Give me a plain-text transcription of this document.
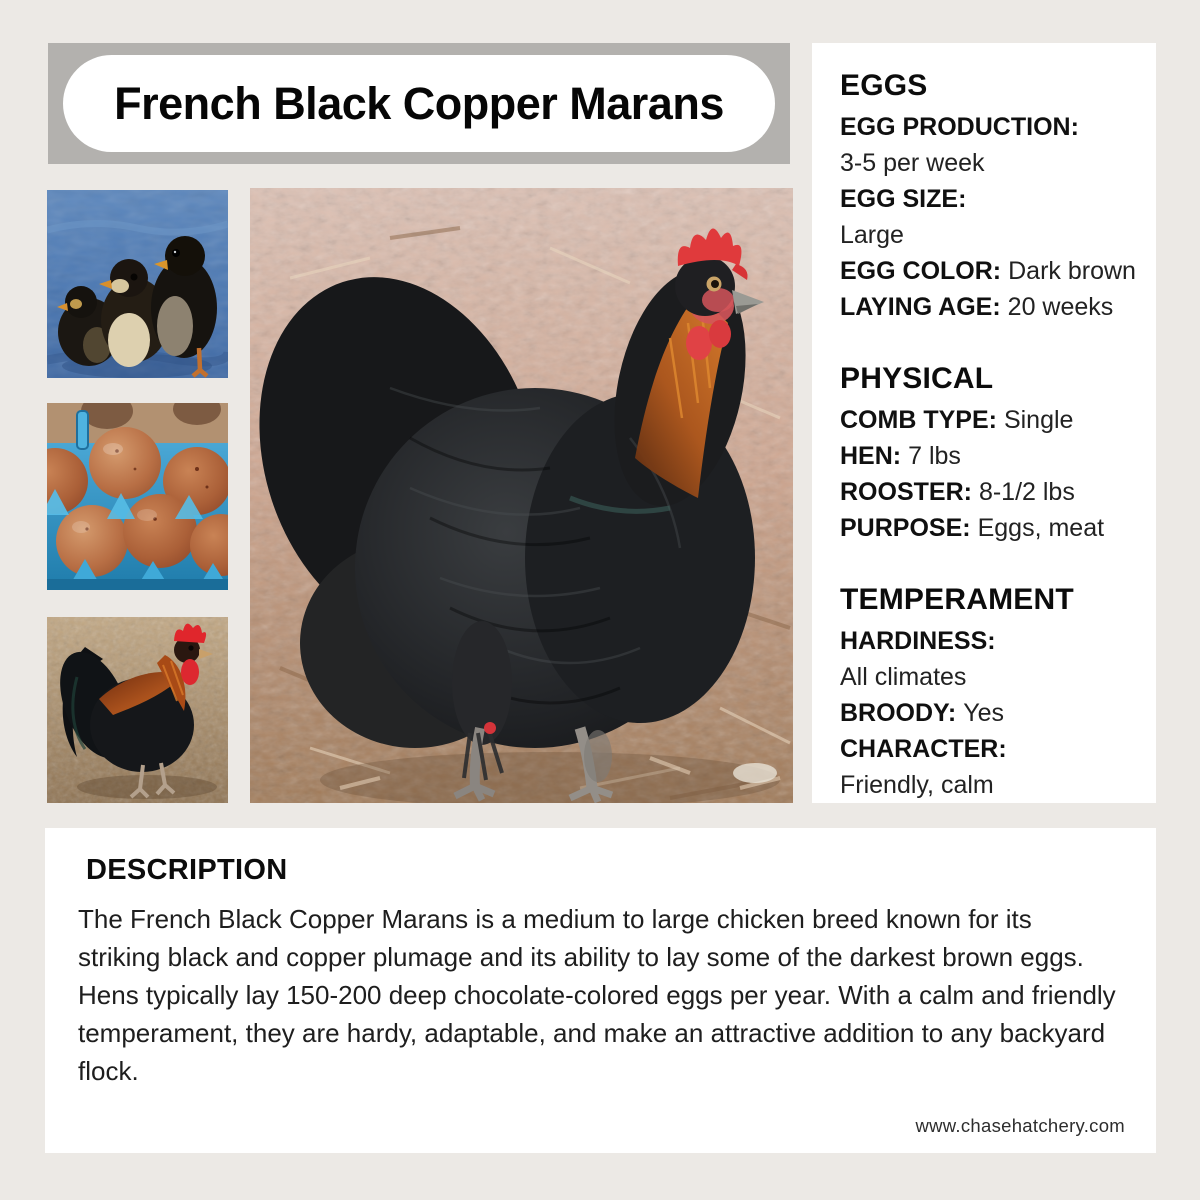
French Black Copper Marans	EGGS
EGG PRODUCTION:
3-5 per week
EGG SIZE:
Large
EGG COLOR: Dark brown
LAYING AGE: 20 weeks
PHYSICAL
COMB TYPE: Single
HEN: 7 lbs
ROOSTER: 8-1/2 lbs
PURPOSE: Eggs, meat
TEMPERAMENT
HARDINESS:
All climates
BROODY: Yes
CHARACTER:
Friendly, calm
DESCRIPTION
The French Black Copper Marans is a medium to large chicken breed known for its striking black and copper plumage and its ability to lay some of the darkest brown eggs. Hens typically lay 150-200 deep chocolate-colored eggs per year. With a calm and friendly temperament, they are hardy, adaptable, and make an attractive addition to any backyard flock.
www.chasehatchery.com
